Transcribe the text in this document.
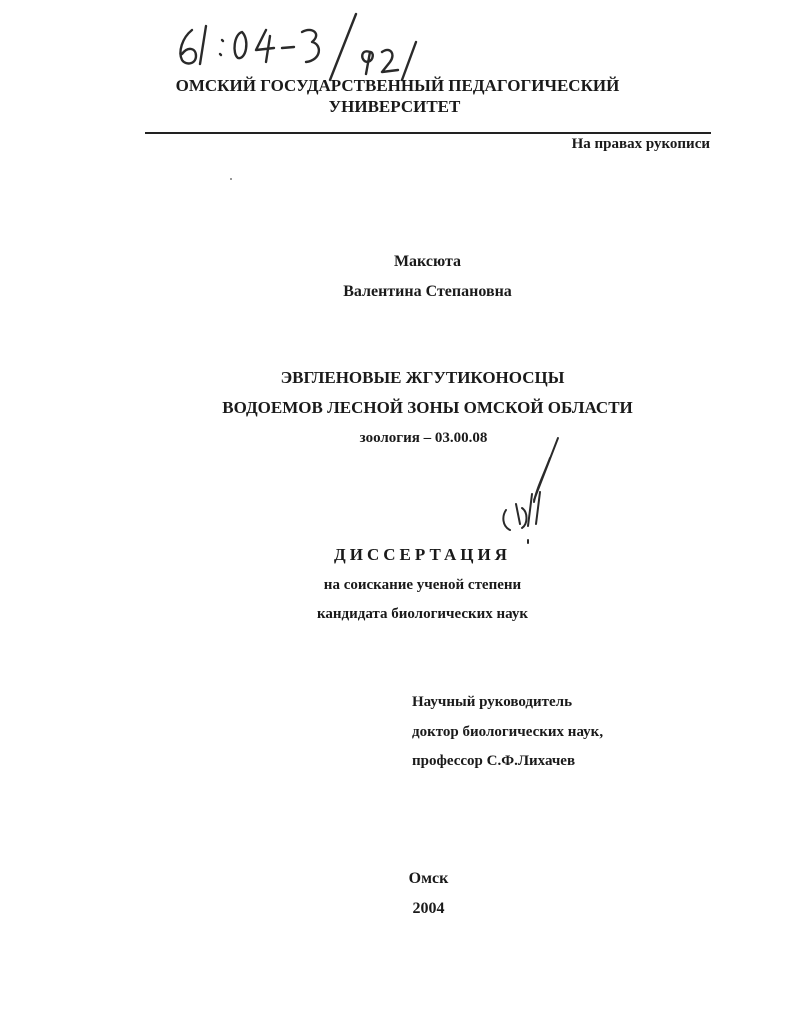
ОМСКИЙ ГОСУДАРСТВЕННЫЙ ПЕДАГОГИЧЕСКИЙ
УНИВЕРСИТЕТ
На правах рукописи
Максюта
Валентина Степановна
ЭВГЛЕНОВЫЕ ЖГУТИКОНОСЦЫ
ВОДОЕМОВ ЛЕСНОЙ ЗОНЫ ОМСКОЙ ОБЛАСТИ
зоология – 03.00.08
ДИССЕРТАЦИЯ
на соискание ученой степени
кандидата биологических наук
Научный руководитель
доктор биологических наук,
профессор С.Ф.Лихачев
Омск
2004
